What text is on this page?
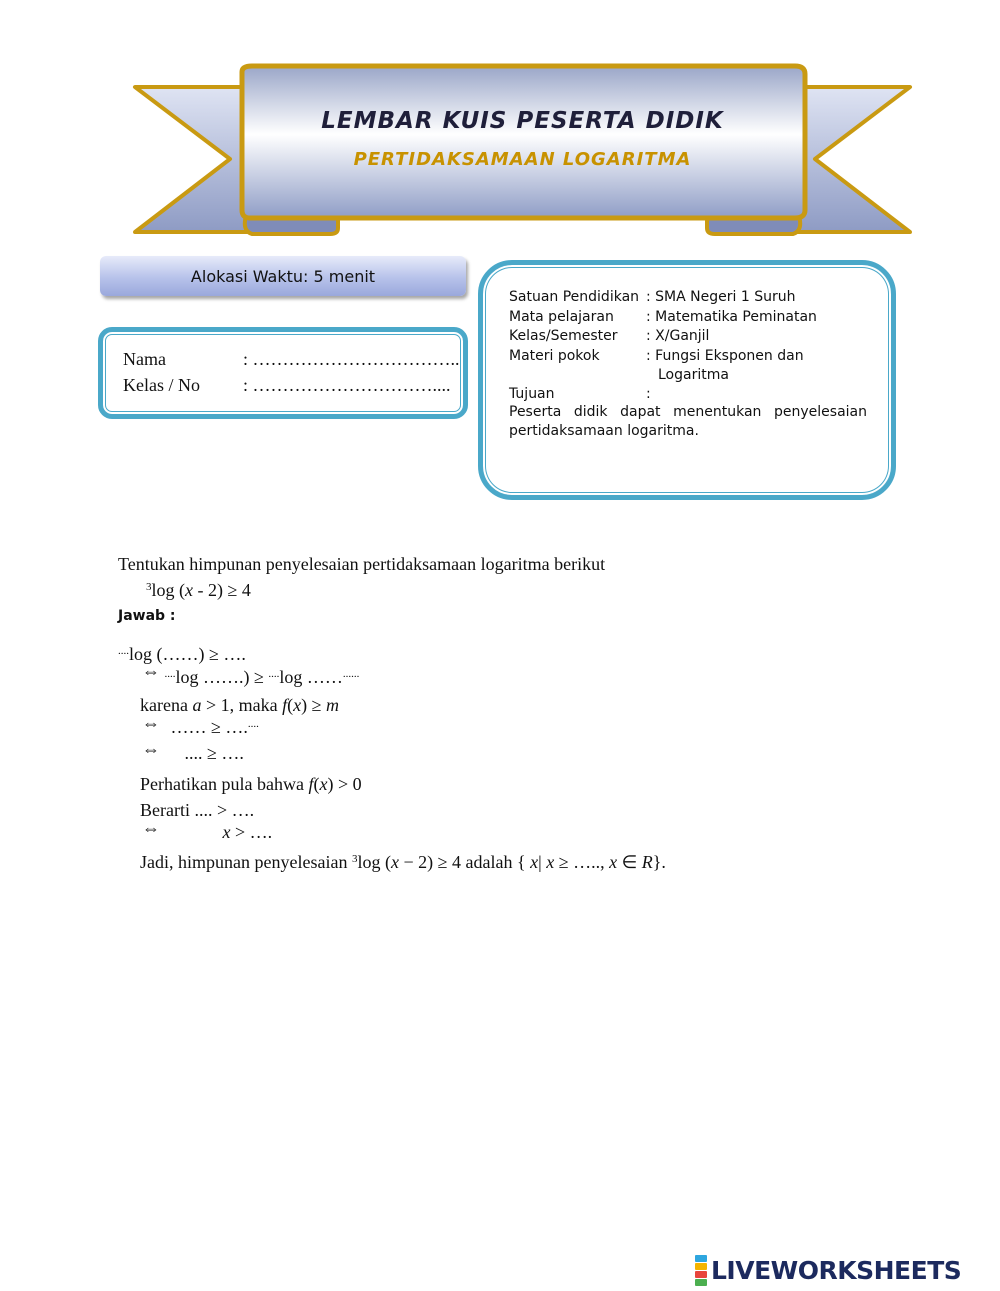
LEMBAR KUIS PESERTA DIDIK
PERTIDAKSAMAAN LOGARITMA
Alokasi Waktu: 5 menit
Nama	: ……………………………..
Kelas / No : …………………………....
Satuan Pendidikan : SMA Negeri 1 Suruh
Mata pelajaran : Matematika Peminatan
Kelas/Semester : X/Ganjil
Materi pokok	: Fungsi Eksponen dan
Logaritma
Tujuan	:
Peserta didik dapat menentukan penyelesaian pertidaksamaan logaritma.
Tentukan himpunan penyelesaian pertidaksamaan logaritma berikut
$^3$log (x - 2) ≥ 4
Jawab :
....log (……) ≥ ….
⇔ ....log …….) ≥ ....log ……......
karena a > 1, maka f(x) ≥ m
⇔ …… ≥ ….....
⇔ .... ≥ ….
Perhatikan pula bahwa f(x) > 0
Berarti .... > ….
⇔	x > ….
Jadi, himpunan penyelesaian $^3$log (x − 2) ≥ 4 adalah { x| x ≥ ….., x ∈ R}.
LIVEWORKSHEETS
